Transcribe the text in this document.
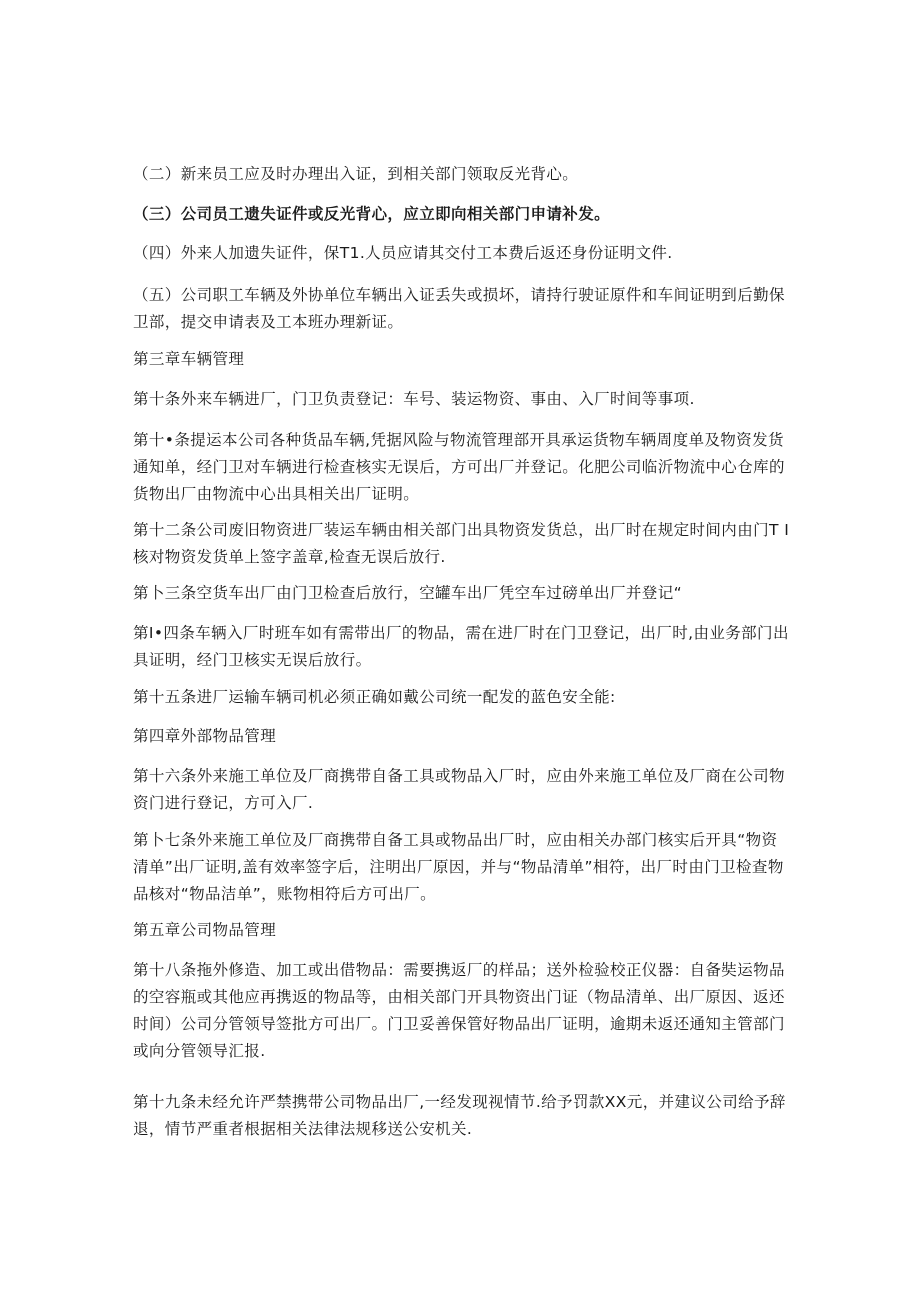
（二）新来员工应及时办理出入证，到相关部门领取反光背心。

（三）公司员工遗失证件或反光背心，应立即向相关部门申请补发。

（四）外来人加遗失证件，保T1.人员应请其交付工本费后返还身份证明文件.

（五）公司职工车辆及外协单位车辆出入证丢失或损坏，请持行驶证原件和车间证明到后勤保卫部，提交申请表及工本班办理新证。

第三章车辆管理

第十条外来车辆进厂，门卫负责登记：车号、装运物资、事由、入厂时间等事项.

第十•条提运本公司各种货品车辆,凭据风险与物流管理部开具承运货物车辆周度单及物资发货通知单，经门卫对车辆进行检查核实无误后，方可出厂并登记。化肥公司临沂物流中心仓库的货物出厂由物流中心出具相关出厂证明。

第十二条公司废旧物资进厂装运车辆由相关部门出具物资发货总，出厂时在规定时间内由门T I核对物资发货单上签字盖章,检查无误后放行.

第卜三条空货车出厂由门卫检查后放行，空罐车出厂凭空车过磅单出厂并登记“

第I•四条车辆入厂时班车如有需带出厂的物品，需在进厂时在门卫登记，出厂时,由业务部门出具证明，经门卫核实无误后放行。

第十五条进厂运输车辆司机必须正确如戴公司统一配发的蓝色安全能:

第四章外部物品管理

第十六条外来施工单位及厂商携带自备工具或物品入厂时，应由外来施工单位及厂商在公司物资门进行登记，方可入厂.

第卜七条外来施工单位及厂商携带自备工具或物品出厂时，应由相关办部门核实后开具“物资清单”出厂证明,盖有效率签字后，注明出厂原因，并与“物品清单”相符，出厂时由门卫检查物品核对“物品洁单”，账物相符后方可出厂。

第五章公司物品管理

第十八条拖外修造、加工或出借物品：需要携返厂的样品；送外检验校正仪器：自备奘运物品的空容瓶或其他应再携返的物品等，由相关部门开具物资出门证（物品清单、出厂原因、返还时间）公司分管领导签批方可出厂。门卫妥善保管好物品出厂证明，逾期未返还通知主管部门或向分管领导汇报.

第十九条未经允许严禁携带公司物品出厂,一经发现视情节.给予罚款XX元，并建议公司给予辞退，情节严重者根据相关法律法规移送公安机关.
